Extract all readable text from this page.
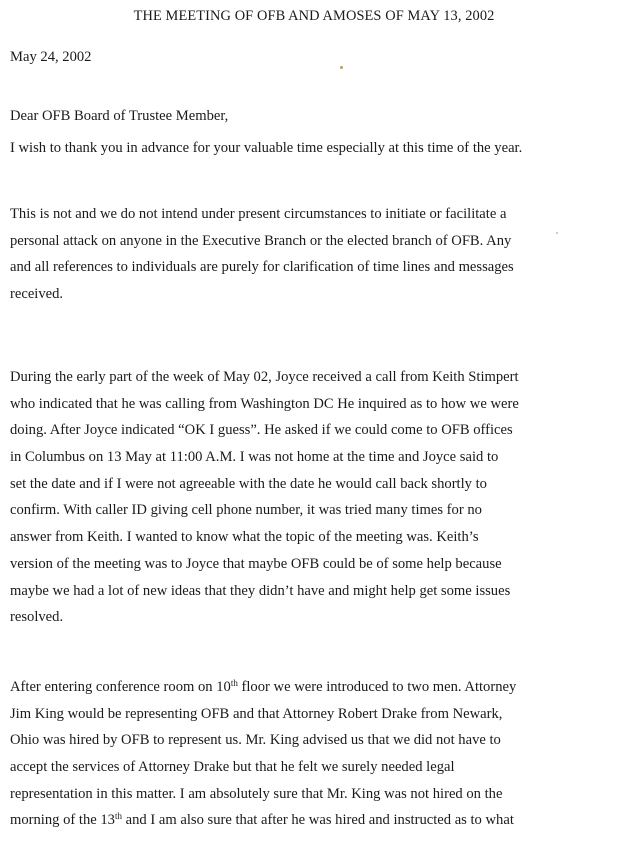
THE MEETING OF OFB AND AMOSES OF MAY 13, 2002
May 24, 2002
Dear OFB Board of Trustee Member,
I wish to thank you in advance for your valuable time especially at this time of the year.
This is not and we do not intend under present circumstances to initiate or facilitate a
personal attack on anyone in the Executive Branch or the elected branch of OFB. Any
and all references to individuals are purely for clarification of time lines and messages
received.
During the early part of the week of May 02, Joyce received a call from Keith Stimpert
who indicated that he was calling from Washington DC He inquired as to how we were
doing. After Joyce indicated “OK I guess”. He asked if we could come to OFB offices
in Columbus on 13 May at 11:00 A.M. I was not home at the time and Joyce said to
set the date and if I were not agreeable with the date he would call back shortly to
confirm. With caller ID giving cell phone number, it was tried many times for no
answer from Keith. I wanted to know what the topic of the meeting was. Keith’s
version of the meeting was to Joyce that maybe OFB could be of some help because
maybe we had a lot of new ideas that they didn’t have and might help get some issues
resolved.
After entering conference room on 10th floor we were introduced to two men. Attorney
Jim King would be representing OFB and that Attorney Robert Drake from Newark,
Ohio was hired by OFB to represent us. Mr. King advised us that we did not have to
accept the services of Attorney Drake but that he felt we surely needed legal
representation in this matter. I am absolutely sure that Mr. King was not hired on the
morning of the 13th and I am also sure that after he was hired and instructed as to what
